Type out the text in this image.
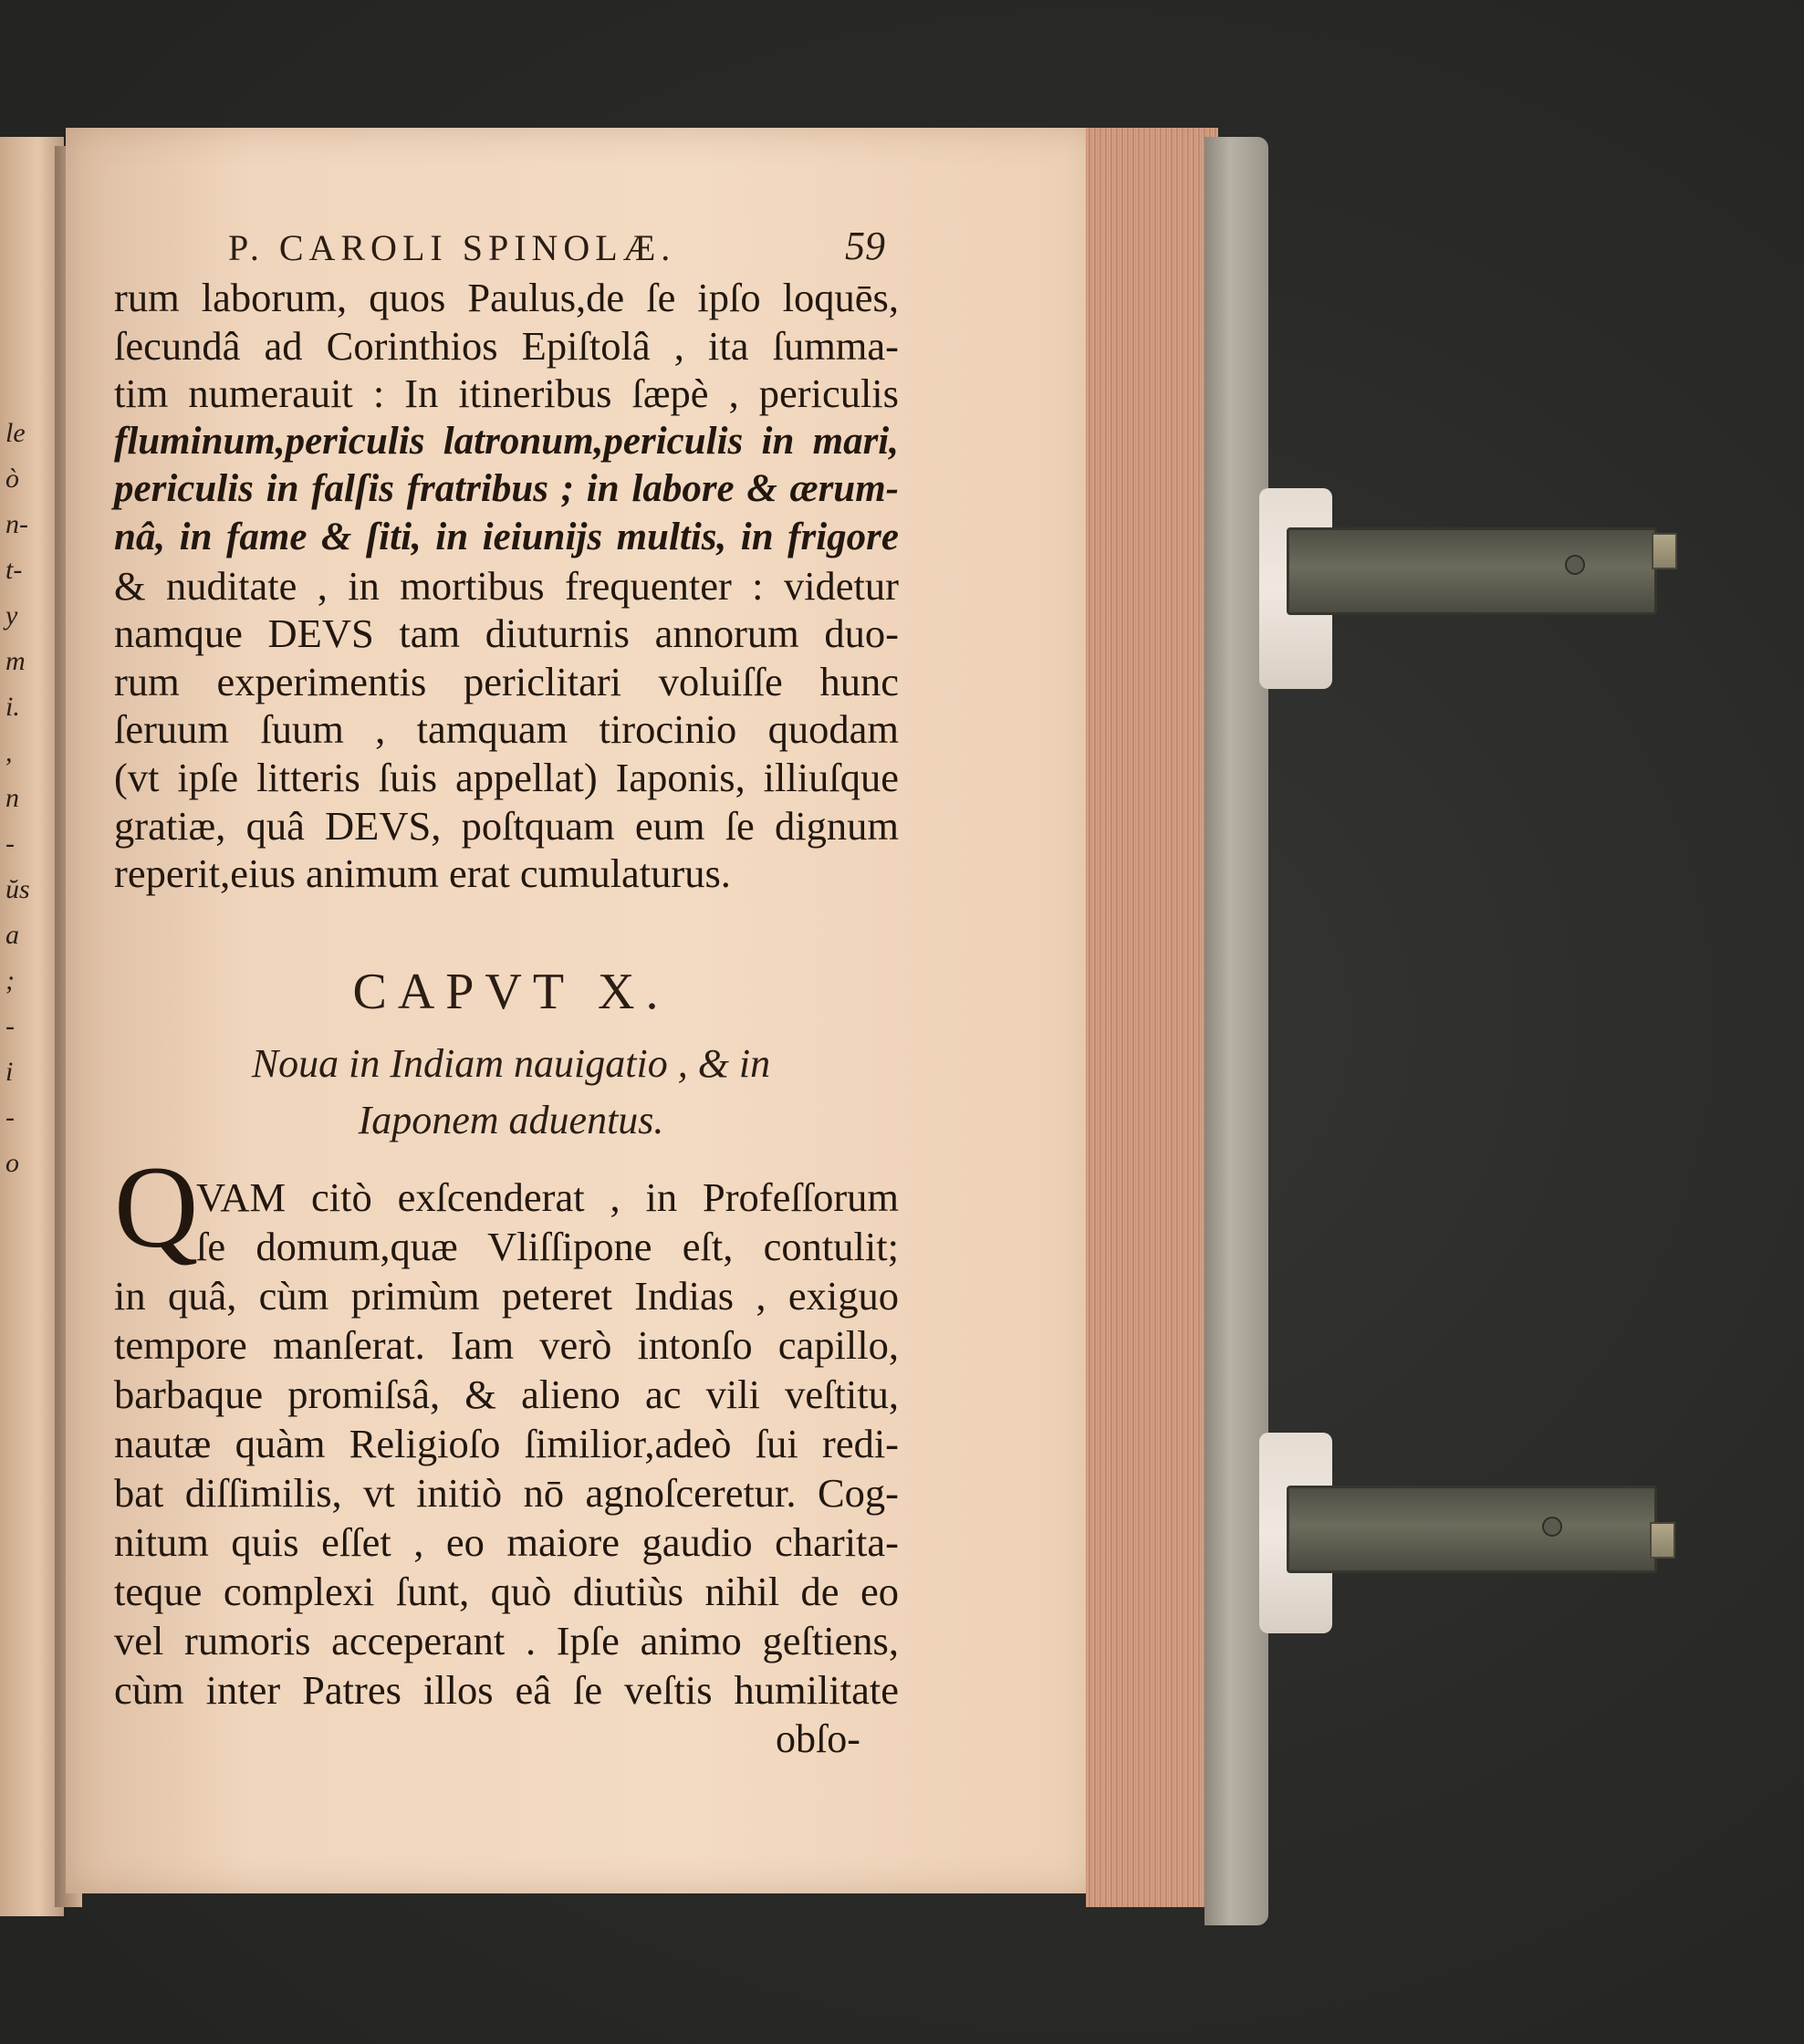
le
ò
n-
t-
y
m
i.
,
n
-
ŭs
a
;
-
i
-
o
P. CAROLI SPINOLÆ.	59
rum laborum, quos Paulus,de ſe ipſo loquēs,
ſecundâ ad Corinthios Epiſtolâ , ita ſumma-
tim numerauit : In itineribus ſæpè , periculis
fluminum,periculis latronum,periculis in mari,
periculis in falſis fratribus ; in labore & ærum-
nâ, in fame & ſiti, in ieiunijs multis, in frigore
& nuditate , in mortibus frequenter : videtur
namque DEVS tam diuturnis annorum duo-
rum experimentis periclitari voluiſſe hunc
ſeruum ſuum , tamquam tirocinio quodam
(vt ipſe litteris ſuis appellat) Iaponis, illiuſque
gratiæ, quâ DEVS, poſtquam eum ſe dignum
reperit,eius animum erat cumulaturus.
CAPVT X.
Noua in Indiam nauigatio , & in
Iaponem aduentus.
Q
VAM citò exſcenderat , in Profeſſorum
ſe domum,quæ Vliſſipone eſt, contulit;
in quâ, cùm primùm peteret Indias , exiguo
tempore manſerat. Iam verò intonſo capillo,
barbaque promiſsâ, & alieno ac vili veſtitu,
nautæ quàm Religioſo ſimilior,adeò ſui redi-
bat diſſimilis, vt initiò nō agnoſceretur. Cog-
nitum quis eſſet , eo maiore gaudio charita-
teque complexi ſunt, quò diutiùs nihil de eo
vel rumoris acceperant . Ipſe animo geſtiens,
cùm inter Patres illos eâ ſe veſtis humilitate
obſo-
